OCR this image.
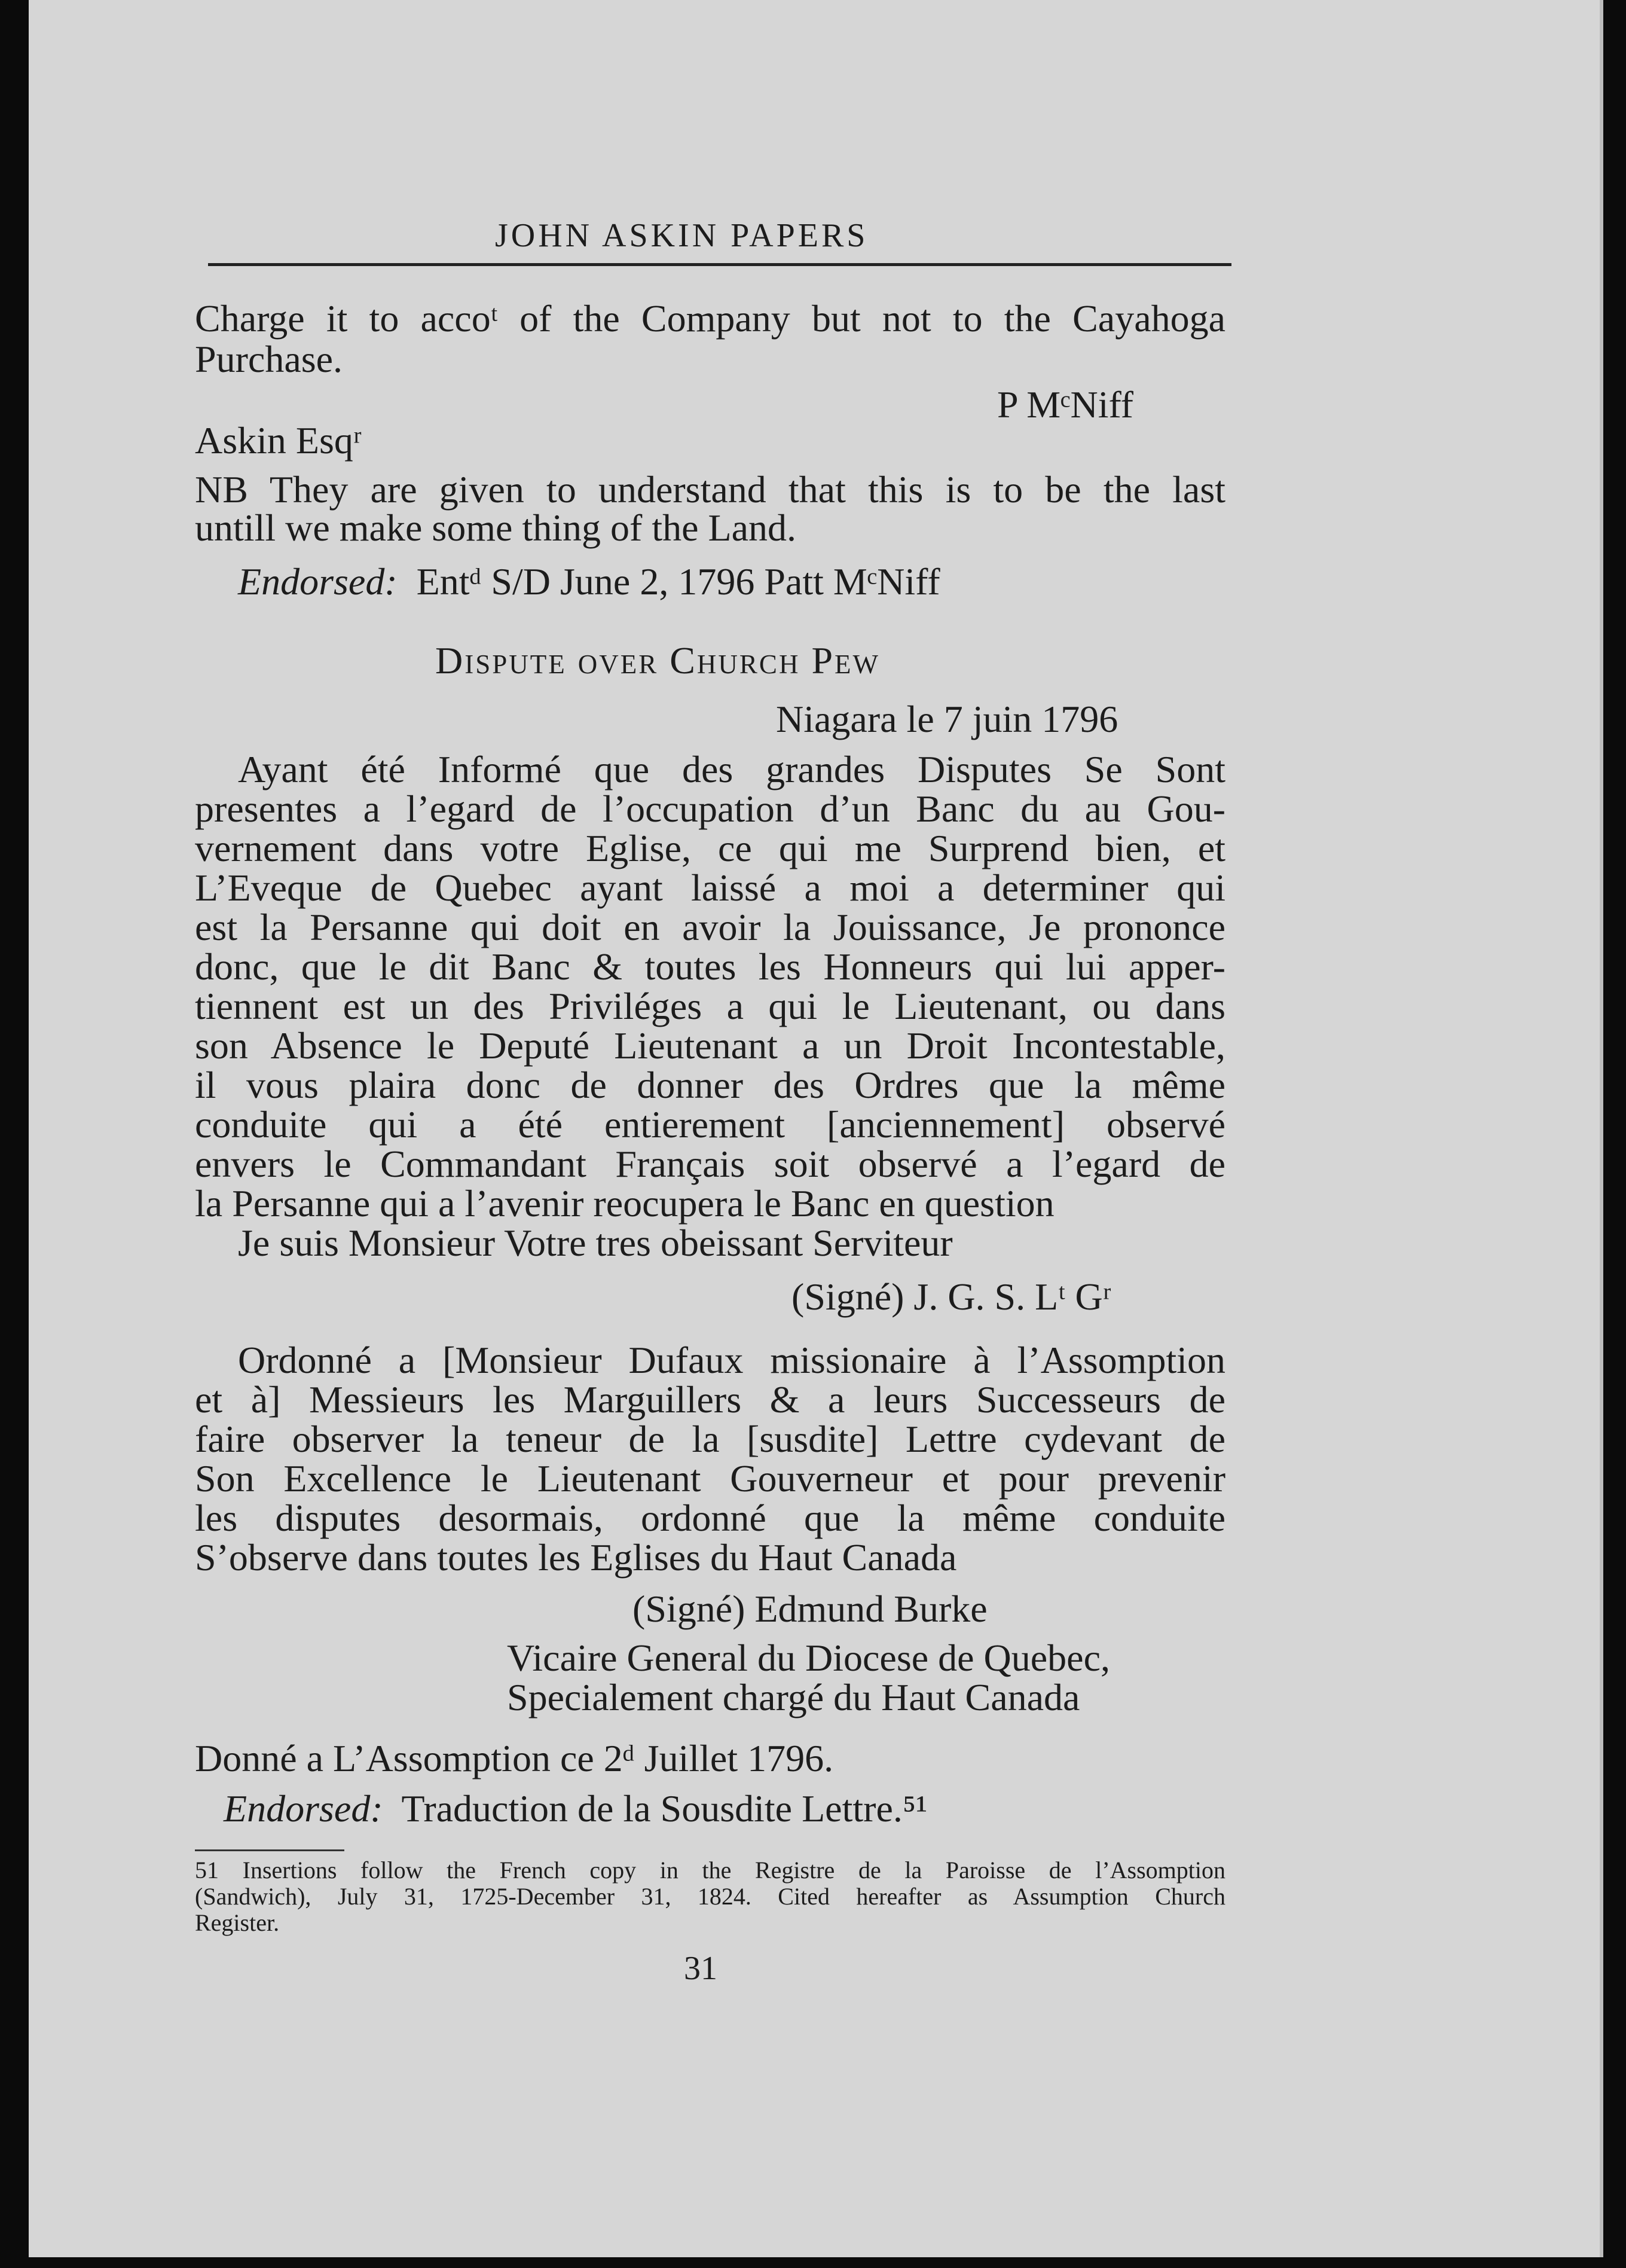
JOHN ASKIN PAPERS
Charge it to accoᵗ of the Company but not to the Cayahoga
Purchase.
P MᶜNiff
Askin Esqʳ
NB They are given to understand that this is to be the last
untill we make some thing of the Land.
Endorsed: Entᵈ S/D June 2, 1796 Patt MᶜNiff
Dispute over Church Pew
Niagara le 7 juin 1796
Ayant été Informé que des grandes Disputes Se Sont
presentes a l’egard de l’occupation d’un Banc du au Gou-
vernement dans votre Eglise, ce qui me Surprend bien, et
L’Eveque de Quebec ayant laissé a moi a determiner qui
est la Persanne qui doit en avoir la Jouissance, Je prononce
donc, que le dit Banc & toutes les Honneurs qui lui apper-
tiennent est un des Priviléges a qui le Lieutenant, ou dans
son Absence le Deputé Lieutenant a un Droit Incontestable,
il vous plaira donc de donner des Ordres que la même
conduite qui a été entierement [anciennement] observé
envers le Commandant Français soit observé a l’egard de
la Persanne qui a l’avenir reocupera le Banc en question
Je suis Monsieur Votre tres obeissant Serviteur
(Signé) J. G. S. Lᵗ Gʳ
Ordonné a [Monsieur Dufaux missionaire à l’Assomption
et à] Messieurs les Marguillers & a leurs Successeurs de
faire observer la teneur de la [susdite] Lettre cydevant de
Son Excellence le Lieutenant Gouverneur et pour prevenir
les disputes desormais, ordonné que la même conduite
S’observe dans toutes les Eglises du Haut Canada
(Signé) Edmund Burke
Vicaire General du Diocese de Quebec,
Specialement chargé du Haut Canada
Donné a L’Assomption ce 2ᵈ Juillet 1796.
Endorsed: Traduction de la Sousdite Lettre.⁵¹
51 Insertions follow the French copy in the Registre de la Paroisse de l’Assomption
(Sandwich), July 31, 1725-December 31, 1824. Cited hereafter as Assumption Church
Register.
31
